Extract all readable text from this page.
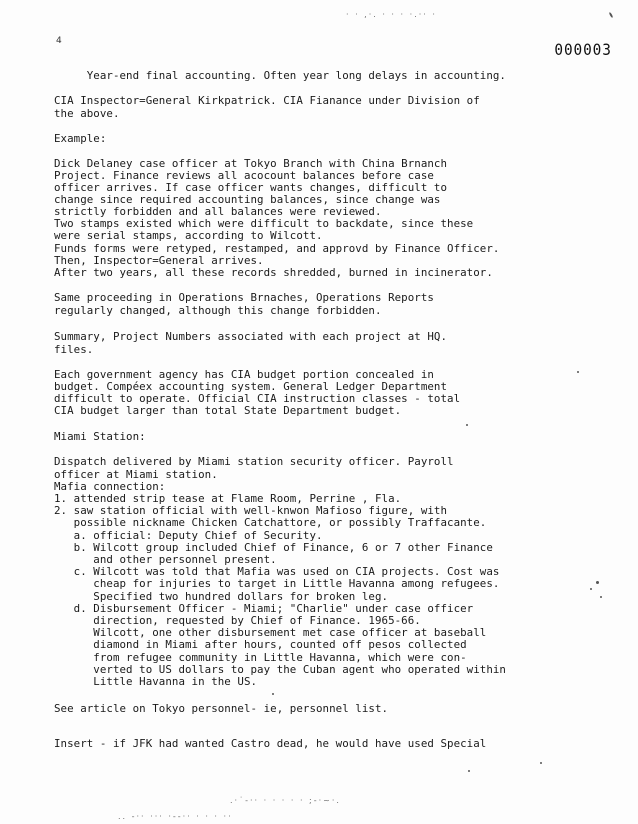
· · ,·. · · · ·.·· ·
4	000003
Year-end final accounting. Often year long delays in accounting.
CIA Inspector=General Kirkpatrick. CIA Fianance under Division of
the above.
Example:
Dick Delaney case officer at Tokyo Branch with China Brnanch
Project. Finance reviews all acocount balances before case
officer arrives. If case officer wants changes, difficult to
change since required accounting balances, since change was
strictly forbidden and all balances were reviewed.
Two stamps existed which were difficult to backdate, since these
were serial stamps, according to Wilcott.
Funds forms were retyped, restamped, and approvd by Finance Officer.
Then, Inspector=General arrives.
After two years, all these records shredded, burned in incinerator.
Same proceeding in Operations Brnaches, Operations Reports
regularly changed, although this change forbidden.
Summary, Project Numbers associated with each project at HQ.
files.
Each government agency has CIA budget portion concealed in
budget. Compéex accounting system. General Ledger Department
difficult to operate. Official CIA instruction classes - total
CIA budget larger than total State Department budget.
Miami Station:
Dispatch delivered by Miami station security officer. Payroll
officer at Miami station.
Mafia connection:
1. attended strip tease at Flame Room, Perrine , Fla.
2. saw station official with well-knwon Mafioso figure, with
possible nickname Chicken Catchattore, or possibly Traffacante.
a. official: Deputy Chief of Security.
b. Wilcott group included Chief of Finance, 6 or 7 other Finance
and other personnel present.
c. Wilcott was told that Mafia was used on CIA projects. Cost was
cheap for injuries to target in Little Havanna among refugees.
Specified two hundred dollars for broken leg.
d. Disbursement Officer - Miami; "Charlie" under case officer
direction, requested by Chief of Finance. 1965-66.
Wilcott, one other disbursement met case officer at baseball
diamond in Miami after hours, counted off pesos collected
from refugee community in Little Havanna, which were con-
verted to US dollars to pay the Cuban agent who operated within
Little Havanna in the US.
See article on Tokyo personnel- ie, personnel list.
Insert - if JFK had wanted Castro dead, he would have used Special
.·˙-·· · · · · · ;-·~·.
.. -·· ··· ·--·· · · · ··
